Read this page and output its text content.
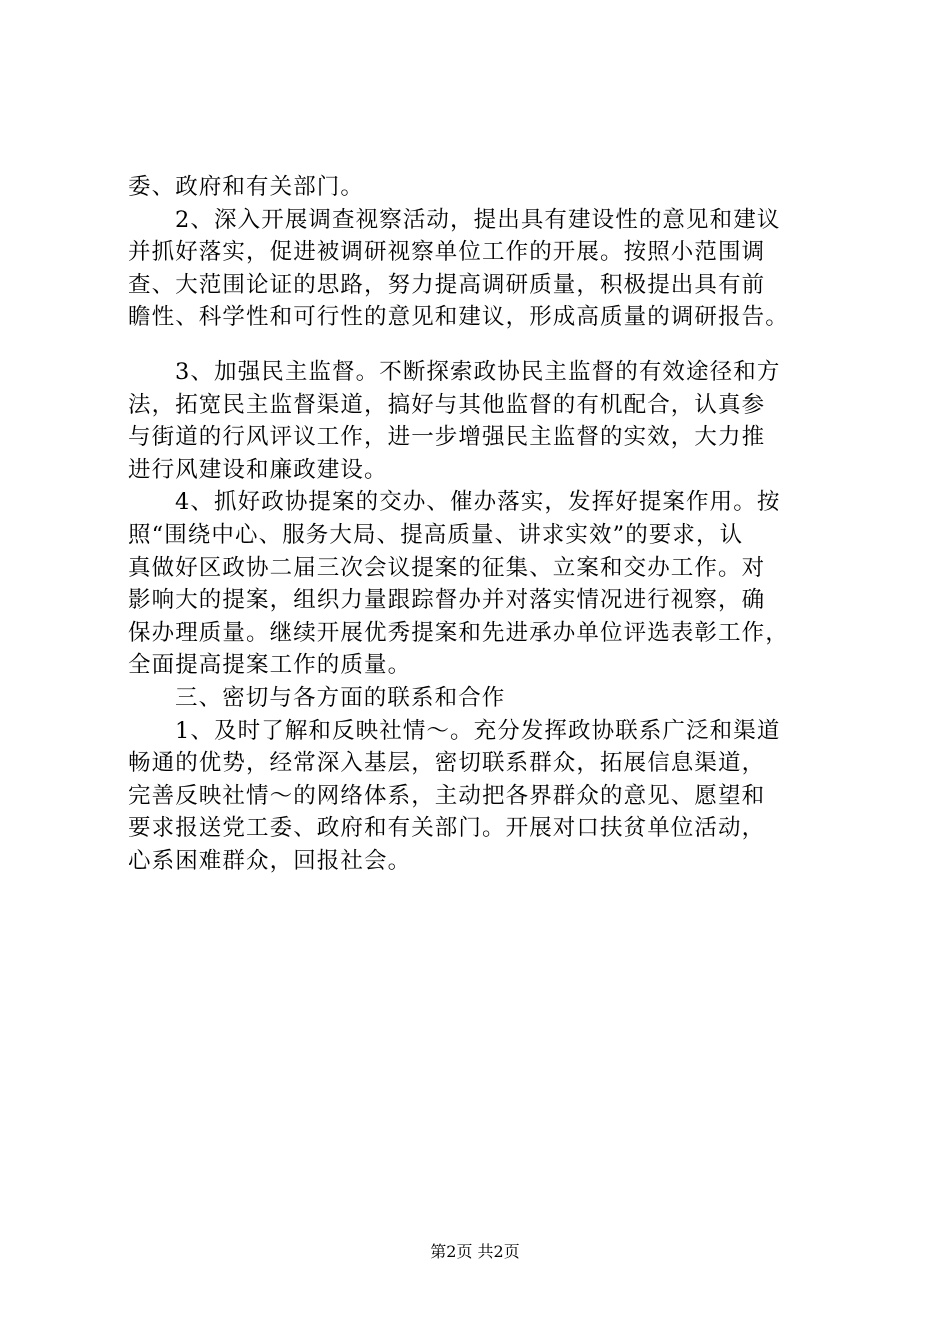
委、政府和有关部门。
2、深入开展调查视察活动，提出具有建设性的意见和建议
并抓好落实，促进被调研视察单位工作的开展。按照小范围调
查、大范围论证的思路，努力提高调研质量，积极提出具有前
瞻性、科学性和可行性的意见和建议，形成高质量的调研报告。
3、加强民主监督。不断探索政协民主监督的有效途径和方
法，拓宽民主监督渠道，搞好与其他监督的有机配合，认真参
与街道的行风评议工作，进一步增强民主监督的实效，大力推
进行风建设和廉政建设。
4、抓好政协提案的交办、催办落实，发挥好提案作用。按
照“围绕中心、服务大局、提高质量、讲求实效”的要求，认
真做好区政协二届三次会议提案的征集、立案和交办工作。对
影响大的提案，组织力量跟踪督办并对落实情况进行视察，确
保办理质量。继续开展优秀提案和先进承办单位评选表彰工作，
全面提高提案工作的质量。
三、密切与各方面的联系和合作
1、及时了解和反映社情～。充分发挥政协联系广泛和渠道
畅通的优势，经常深入基层，密切联系群众，拓展信息渠道，
完善反映社情～的网络体系，主动把各界群众的意见、愿望和
要求报送党工委、政府和有关部门。开展对口扶贫单位活动，
心系困难群众，回报社会。
第2页 共2页
